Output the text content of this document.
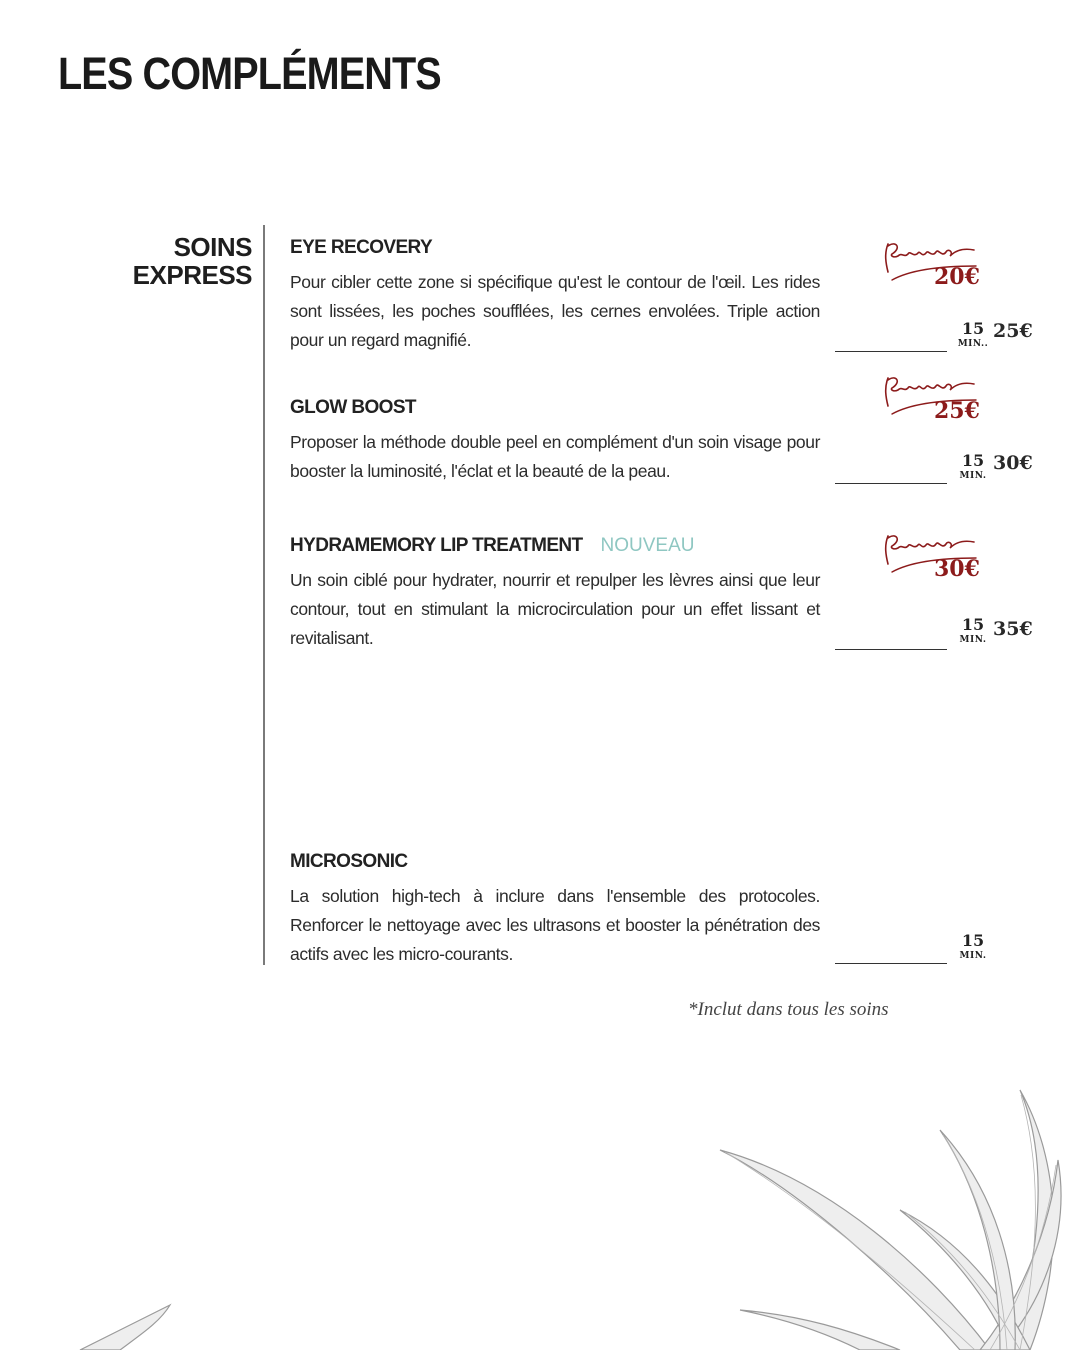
LES COMPLÉMENTS
SOINS
EXPRESS

EYE RECOVERY

Pour cibler cette zone si spécifique qu'est le contour de l'œil. Les rides sont lissées, les poches soufflées, les cernes envolées. Triple action pour un regard magnifié.

20€
15
MIN..
25€

GLOW BOOST

Proposer la méthode double peel en complément d'un soin visage pour booster la luminosité, l'éclat et la beauté de la peau.

25€
15
MIN.
30€

HYDRAMEMORY LIP TREATMENT NOUVEAU

Un soin ciblé pour hydrater, nourrir et repulper les lèvres ainsi que leur contour, tout en stimulant la microcirculation pour un effet lissant et revitalisant.

30€
15
MIN. 35€

MICROSONIC

La solution high-tech à inclure dans l'ensemble des protocoles. Renforcer le nettoyage avec les ultrasons et booster la pénétration des actifs avec les micro-courants.

15
MIN.

*Inclut dans tous les soins
